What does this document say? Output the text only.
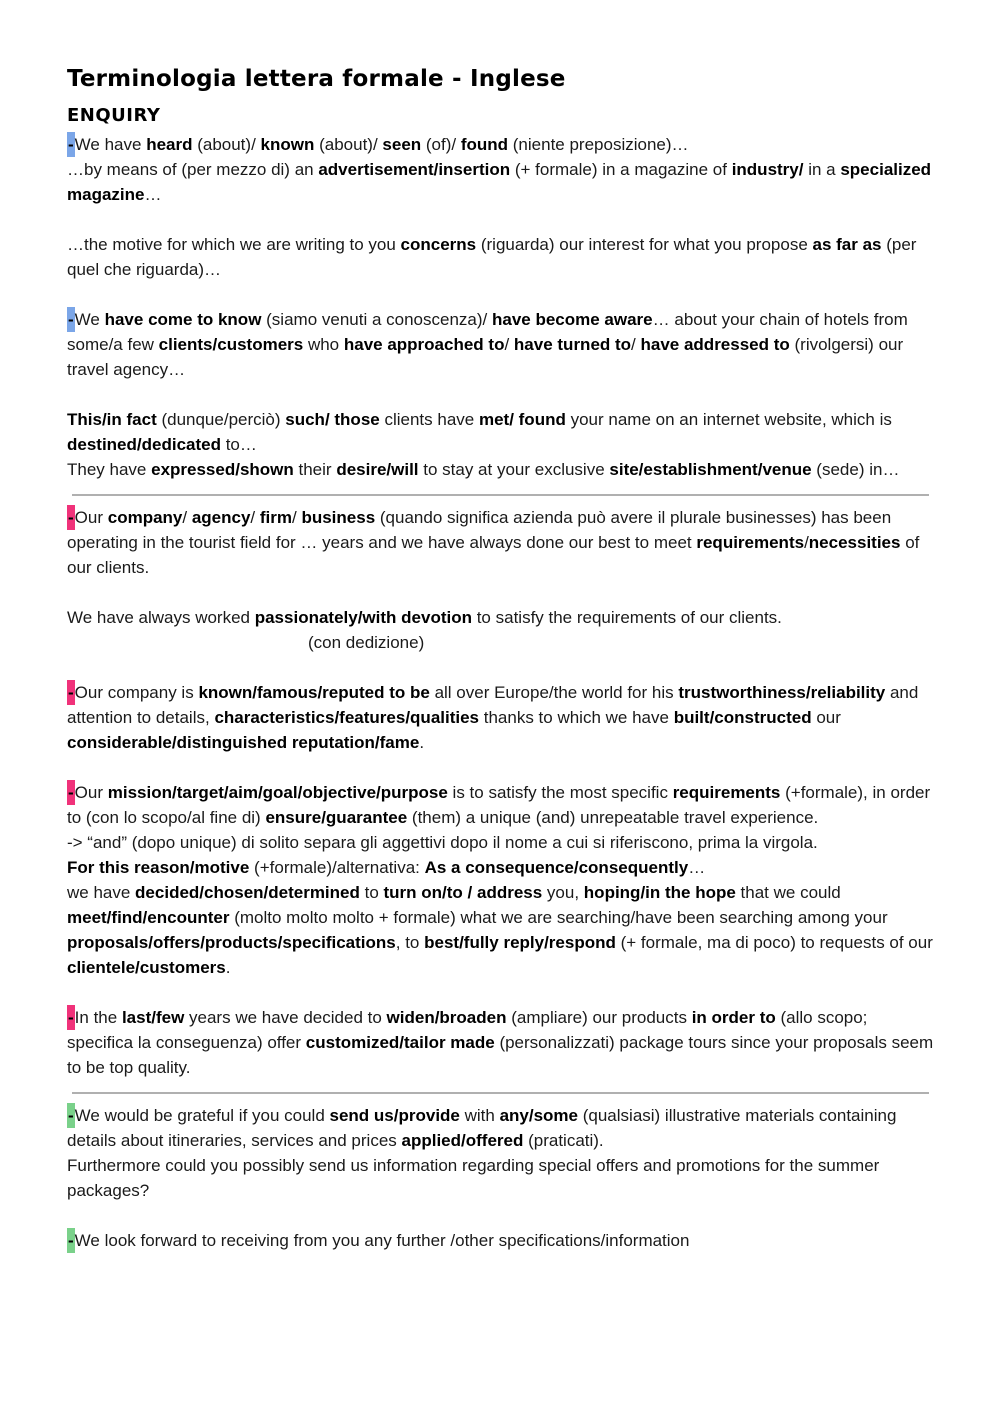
Terminologia lettera formale - Inglese
ENQUIRY

-We have heard (about)/ known (about)/ seen (of)/ found (niente preposizione)…

…by means of (per mezzo di) an advertisement/insertion (+ formale) in a magazine of industry/ in a specialized magazine…

…the motive for which we are writing to you concerns (riguarda) our interest for what you propose as far as (per quel che riguarda)…

-We have come to know (siamo venuti a conoscenza)/ have become aware… about your chain of hotels from some/a few clients/customers who have approached to/ have turned to/ have addressed to (rivolgersi) our travel agency…

This/in fact (dunque/perciò) such/ those clients have met/ found your name on an internet website, which is destined/dedicated to…

They have expressed/shown their desire/will to stay at your exclusive site/establishment/venue (sede) in…

-Our company/ agency/ firm/ business (quando significa azienda può avere il plurale businesses) has been operating in the tourist field for … years and we have always done our best to meet requirements/necessities of our clients.

We have always worked passionately/with devotion to satisfy the requirements of our clients.

(con dedizione)

-Our company is known/famous/reputed to be all over Europe/the world for his trustworthiness/reliability and attention to details, characteristics/features/qualities thanks to which we have built/constructed our considerable/distinguished reputation/fame.

-Our mission/target/aim/goal/objective/purpose is to satisfy the most specific requirements (+formale), in order to (con lo scopo/al fine di) ensure/guarantee (them) a unique (and) unrepeatable travel experience.

-> “and” (dopo unique) di solito separa gli aggettivi dopo il nome a cui si riferiscono, prima la virgola.

For this reason/motive (+formale)/alternativa: As a consequence/consequently…

we have decided/chosen/determined to turn on/to / address you, hoping/in the hope that we could meet/find/encounter (molto molto molto + formale) what we are searching/have been searching among your proposals/offers/products/specifications, to best/fully reply/respond (+ formale, ma di poco) to requests of our clientele/customers.

-In the last/few years we have decided to widen/broaden (ampliare) our products in order to (allo scopo; specifica la conseguenza) offer customized/tailor made (personalizzati) package tours since your proposals seem to be top quality.

-We would be grateful if you could send us/provide with any/some (qualsiasi) illustrative materials containing details about itineraries, services and prices applied/offered (praticati).

Furthermore could you possibly send us information regarding special offers and promotions for the summer packages?

-We look forward to receiving from you any further /other specifications/information
